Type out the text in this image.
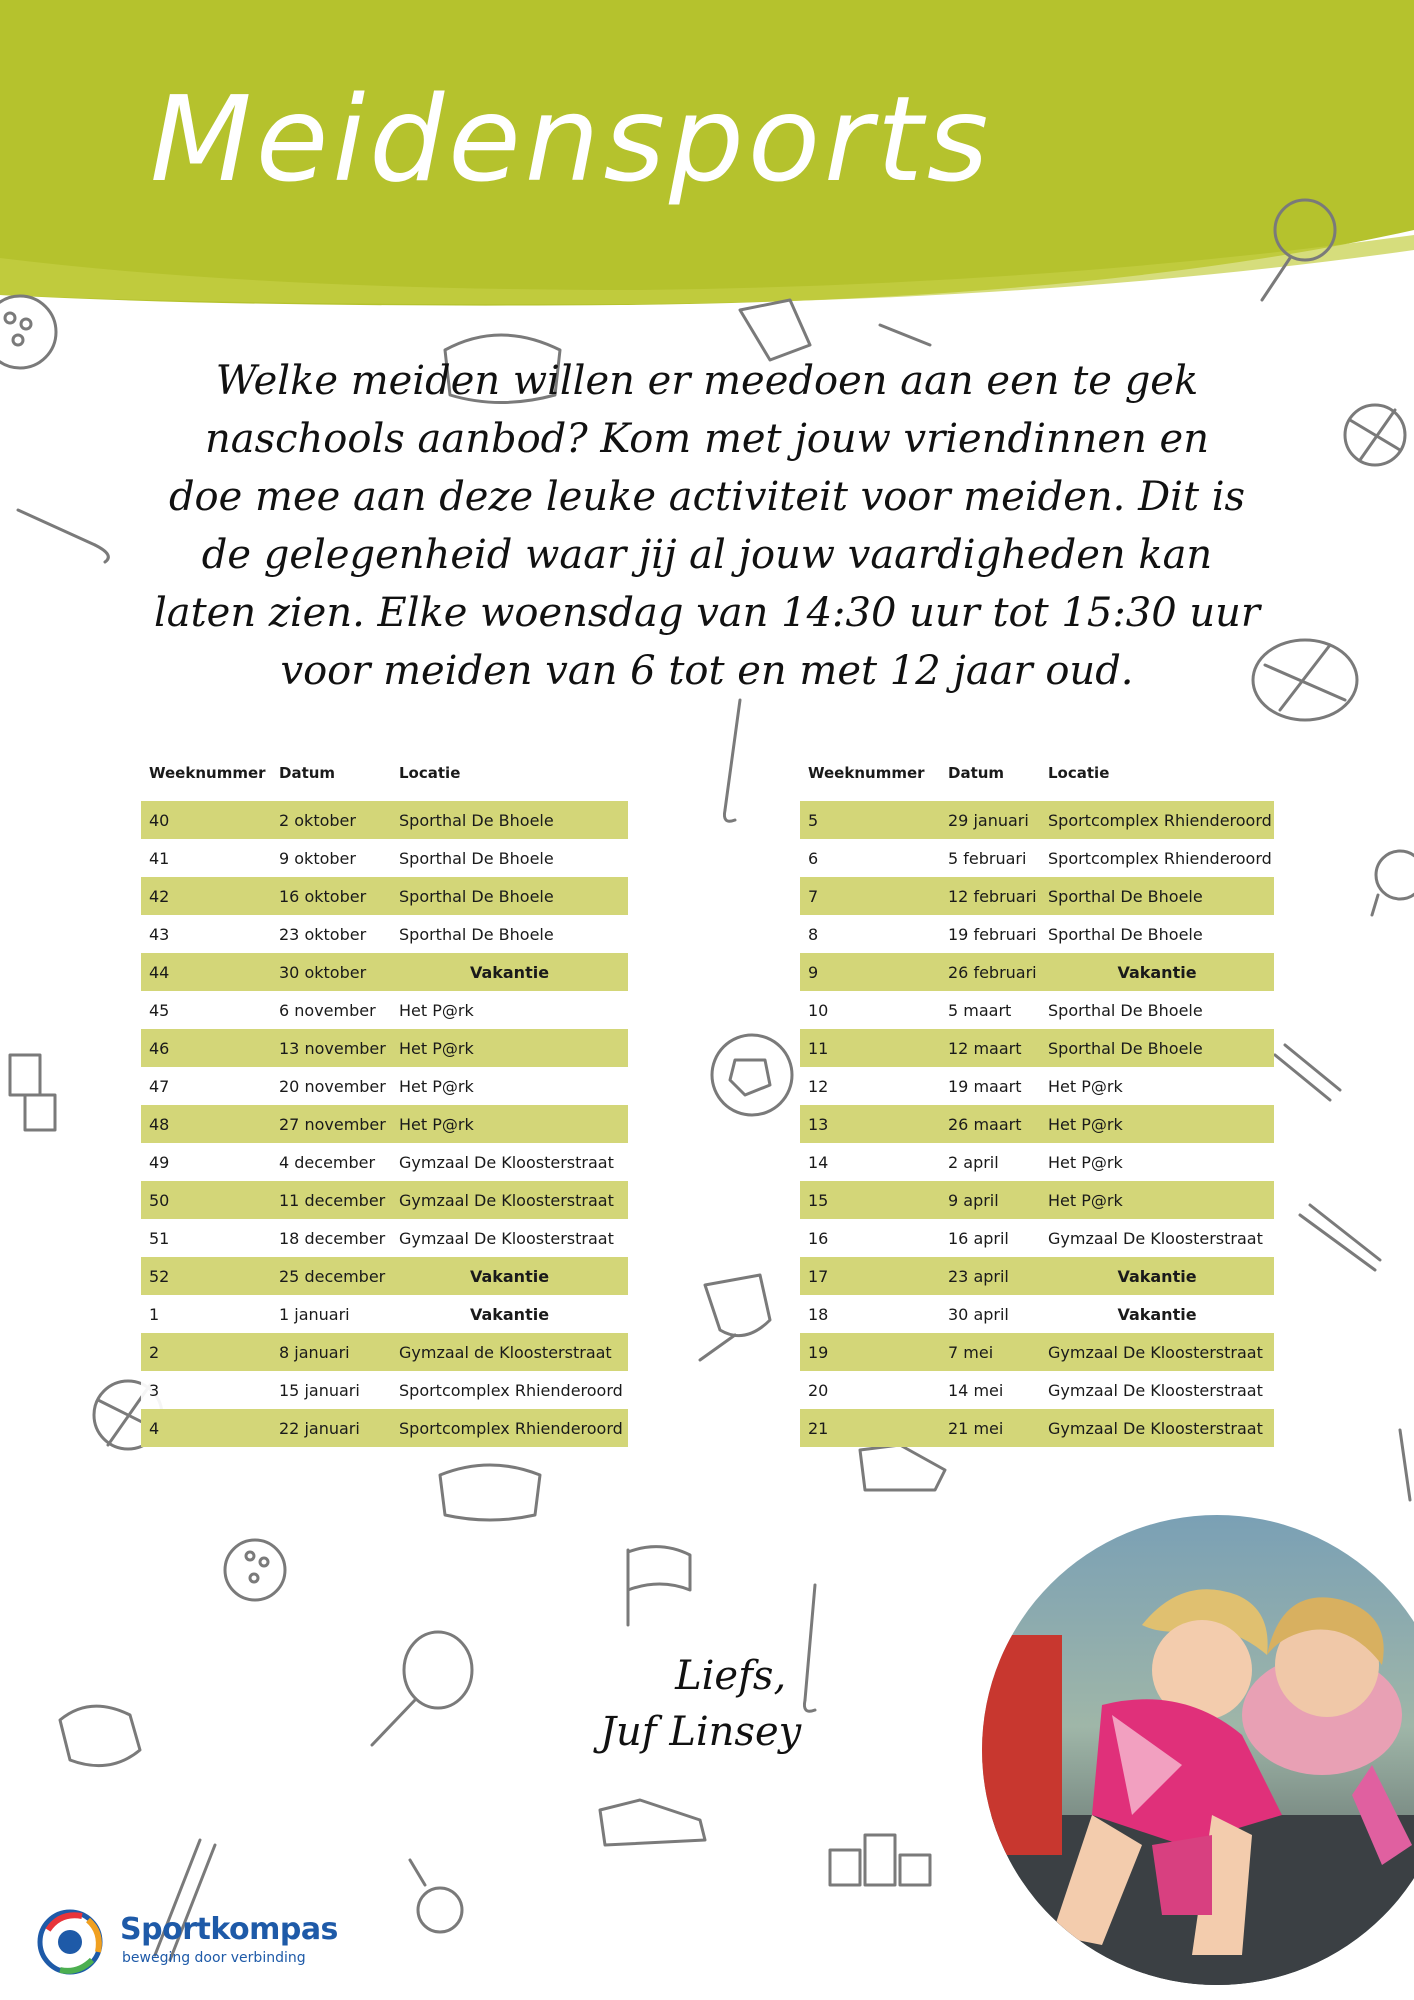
Meidensports
Welke meiden willen er meedoen aan een te gek
naschools aanbod? Kom met jouw vriendinnen en
doe mee aan deze leuke activiteit voor meiden. Dit is
de gelegenheid waar jij al jouw vaardigheden kan
laten zien. Elke woensdag van 14:30 uur tot 15:30 uur
voor meiden van 6 tot en met 12 jaar oud.
Weeknummer	Datum	Locatie

40	2 oktober	Sporthal De Bhoele
41	9 oktober	Sporthal De Bhoele
42	16 oktober	Sporthal De Bhoele
43	23 oktober	Sporthal De Bhoele
44	30 oktober	Vakantie
45	6 november	Het P@rk
46	13 november	Het P@rk
47	20 november	Het P@rk
48	27 november	Het P@rk
49	4 december	Gymzaal De Kloosterstraat
50	11 december	Gymzaal De Kloosterstraat
51	18 december	Gymzaal De Kloosterstraat
52	25 december	Vakantie
1	1 januari	Vakantie
2	8 januari	Gymzaal de Kloosterstraat
3	15 januari	Sportcomplex Rhienderoord
4	22 januari	Sportcomplex Rhienderoord
Weeknummer	Datum	Locatie

5	29 januari	Sportcomplex Rhienderoord
6	5 februari	Sportcomplex Rhienderoord
7	12 februari	Sporthal De Bhoele
8	19 februari	Sporthal De Bhoele
9	26 februari	Vakantie
10	5 maart	Sporthal De Bhoele
11	12 maart	Sporthal De Bhoele
12	19 maart	Het P@rk
13	26 maart	Het P@rk
14	2 april	Het P@rk
15	9 april	Het P@rk
16	16 april	Gymzaal De Kloosterstraat
17	23 april	Vakantie
18	30 april	Vakantie
19	7 mei	Gymzaal De Kloosterstraat
20	14 mei	Gymzaal De Kloosterstraat
21	21 mei	Gymzaal De Kloosterstraat
Liefs,
Juf Linsey
Sportkompas
beweging door verbinding
